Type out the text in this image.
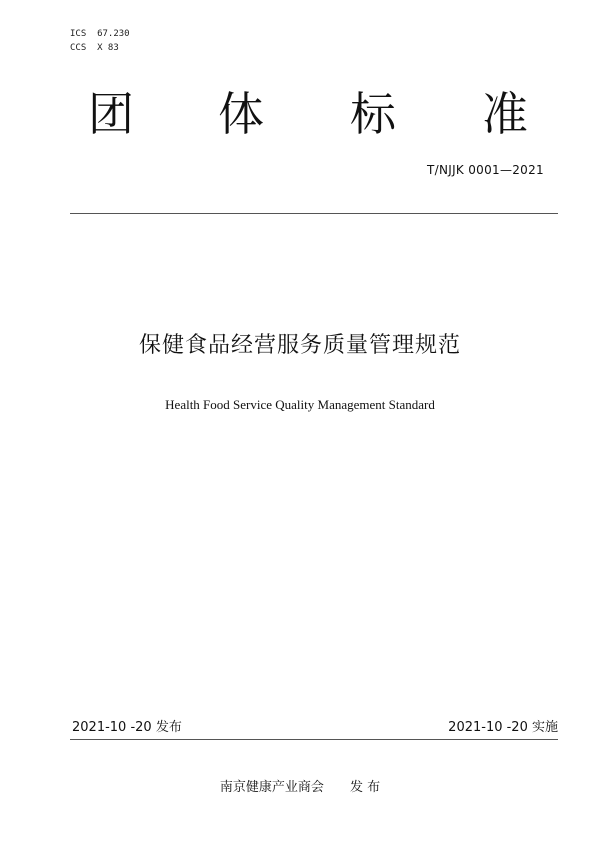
ICS  67.230
CCS  X 83
团 体 标 准
T/NJJK 0001—2021
保健食品经营服务质量管理规范
Health Food Service Quality Management Standard
2021-10 -20 发布	2021-10 -20 实施
南京健康产业商会 发 布
